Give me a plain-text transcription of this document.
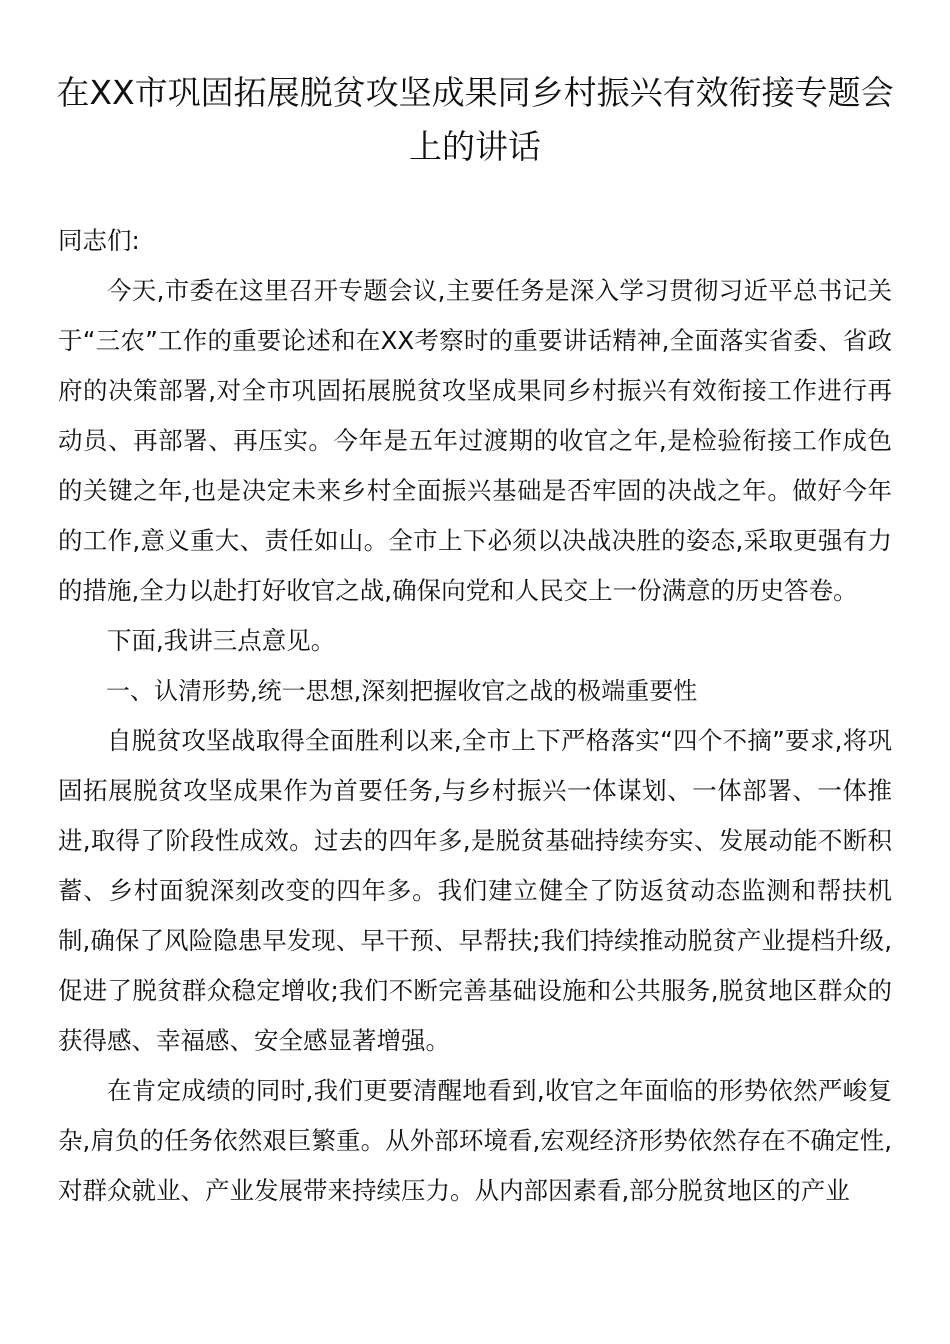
在XX市巩固拓展脱贫攻坚成果同乡村振兴有效衔接专题会上的讲话

同志们:

今天,市委在这里召开专题会议,主要任务是深入学习贯彻习近平总书记关于“三农”工作的重要论述和在XX考察时的重要讲话精神,全面落实省委、省政府的决策部署,对全市巩固拓展脱贫攻坚成果同乡村振兴有效衔接工作进行再动员、再部署、再压实。今年是五年过渡期的收官之年,是检验衔接工作成色的关键之年,也是决定未来乡村全面振兴基础是否牢固的决战之年。做好今年的工作,意义重大、责任如山。全市上下必须以决战决胜的姿态,采取更强有力的措施,全力以赴打好收官之战,确保向党和人民交上一份满意的历史答卷。

下面,我讲三点意见。

一、认清形势,统一思想,深刻把握收官之战的极端重要性

自脱贫攻坚战取得全面胜利以来,全市上下严格落实“四个不摘”要求,将巩固拓展脱贫攻坚成果作为首要任务,与乡村振兴一体谋划、一体部署、一体推进,取得了阶段性成效。过去的四年多,是脱贫基础持续夯实、发展动能不断积蓄、乡村面貌深刻改变的四年多。我们建立健全了防返贫动态监测和帮扶机制,确保了风险隐患早发现、早干预、早帮扶;我们持续推动脱贫产业提档升级,促进了脱贫群众稳定增收;我们不断完善基础设施和公共服务,脱贫地区群众的获得感、幸福感、安全感显著增强。

在肯定成绩的同时,我们更要清醒地看到,收官之年面临的形势依然严峻复杂,肩负的任务依然艰巨繁重。从外部环境看,宏观经济形势依然存在不确定性,对群众就业、产业发展带来持续压力。从内部因素看,部分脱贫地区的产业
